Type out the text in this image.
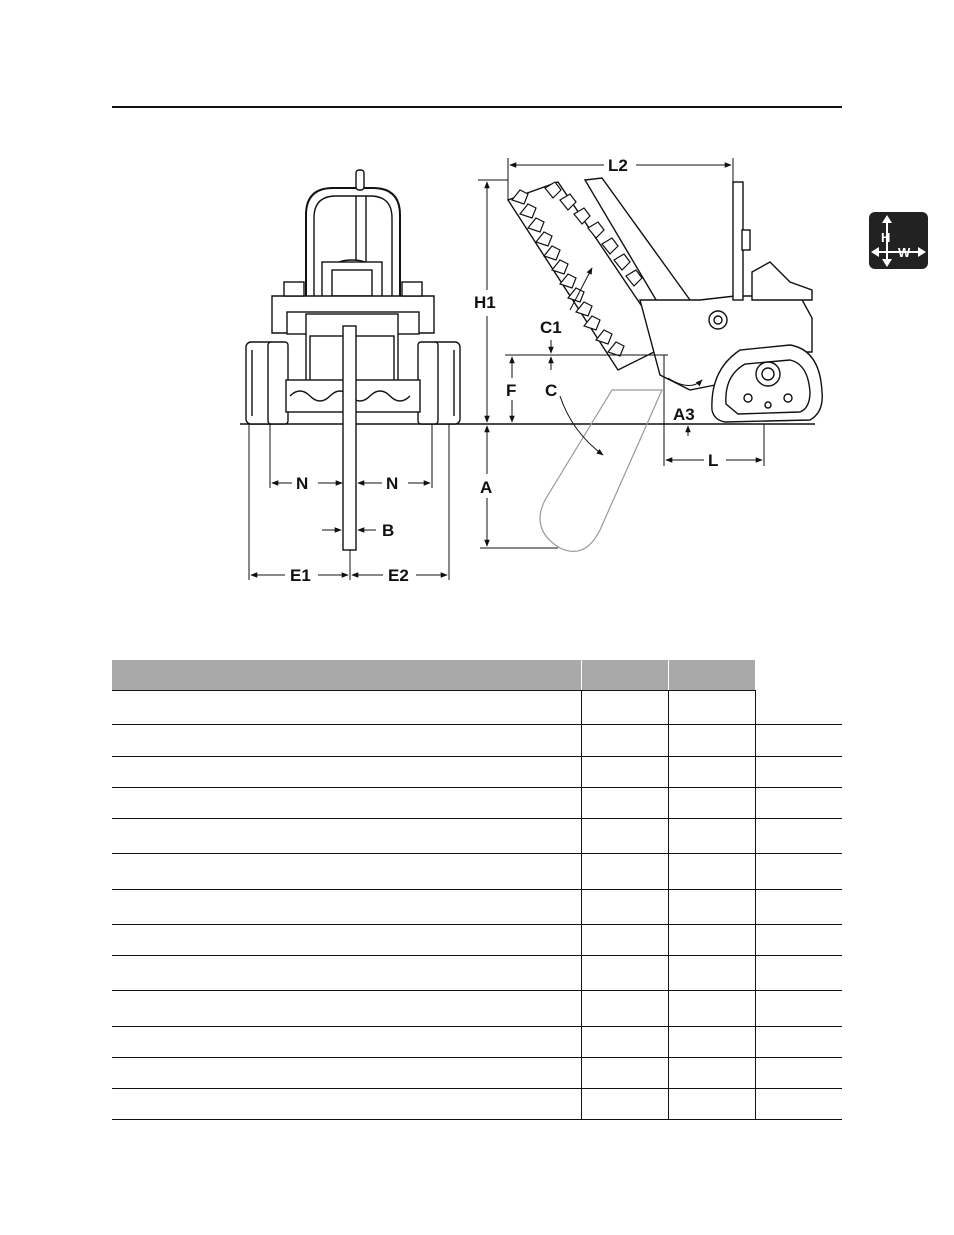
H
W
N	N
B
E1	E2
L2
H1
C1
F C
A3
L
A
